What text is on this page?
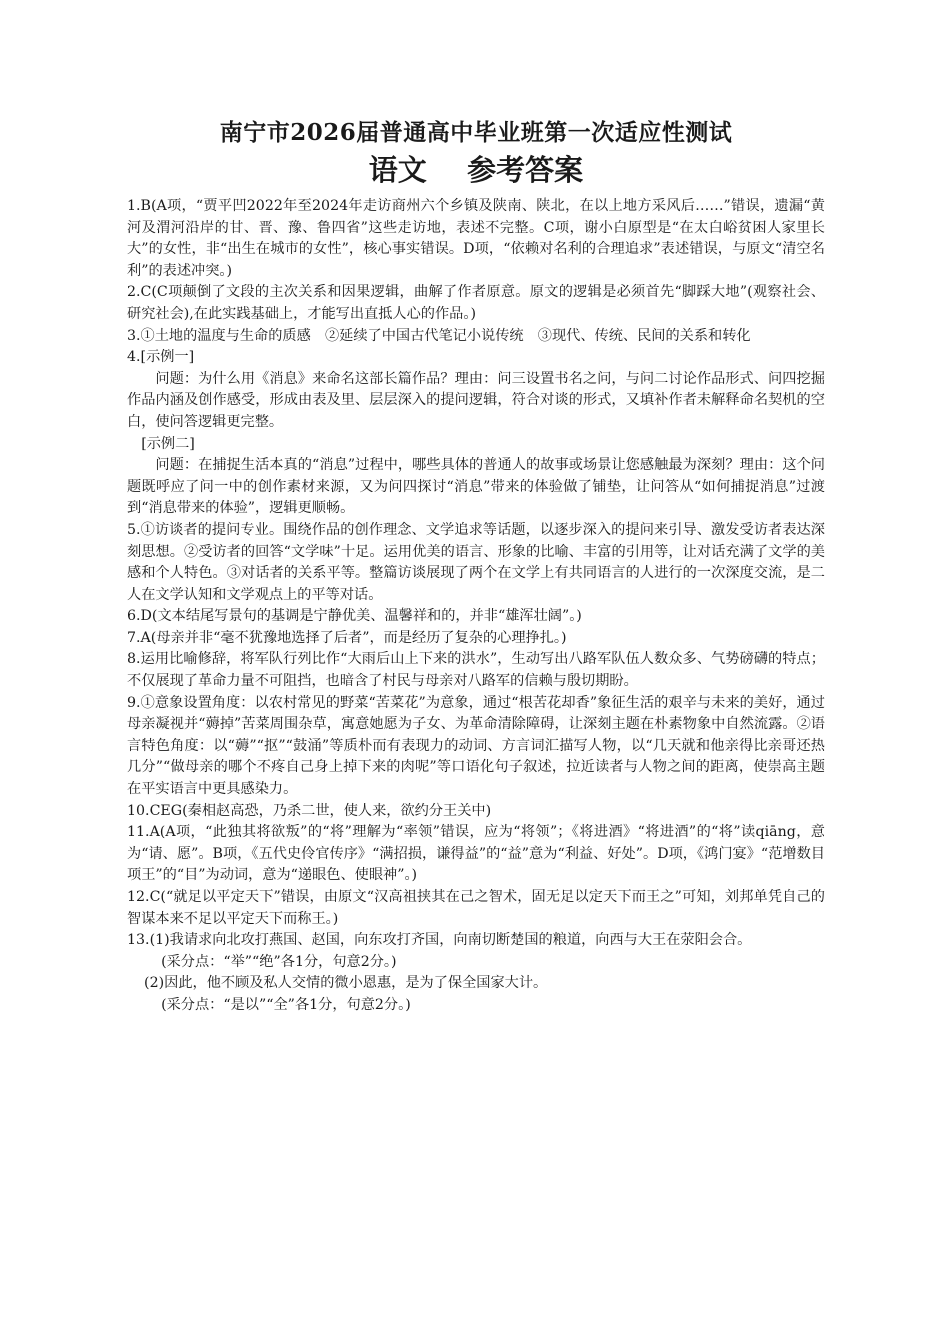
南宁市2026届普通高中毕业班第一次适应性测试
语文    参考答案

1.B(A项，“贾平凹2022年至2024年走访商州六个乡镇及陕南、陕北，在以上地方采风后……”错误，遗漏“黄河及渭河沿岸的甘、晋、豫、鲁四省”这些走访地，表述不完整。C项，谢小白原型是“在太白峪贫困人家里长大”的女性，非“出生在城市的女性”，核心事实错误。D项，“依赖对名利的合理追求”表述错误，与原文“清空名利”的表述冲突。)

2.C(C项颠倒了文段的主次关系和因果逻辑，曲解了作者原意。原文的逻辑是必须首先“脚踩大地”(观察社会、研究社会),在此实践基础上，才能写出直抵人心的作品。)

3.①土地的温度与生命的质感　②延续了中国古代笔记小说传统　③现代、传统、民间的关系和转化

4.[示例一]

问题：为什么用《消息》来命名这部长篇作品？理由：问三设置书名之问，与问二讨论作品形式、问四挖掘作品内涵及创作感受，形成由表及里、层层深入的提问逻辑，符合对谈的形式，又填补作者未解释命名契机的空白，使问答逻辑更完整。

[示例二]

问题：在捕捉生活本真的“消息”过程中，哪些具体的普通人的故事或场景让您感触最为深刻？理由：这个问题既呼应了问一中的创作素材来源，又为问四探讨“消息”带来的体验做了铺垫，让问答从“如何捕捉消息”过渡到“消息带来的体验”，逻辑更顺畅。

5.①访谈者的提问专业。围绕作品的创作理念、文学追求等话题，以逐步深入的提问来引导、激发受访者表达深刻思想。②受访者的回答“文学味”十足。运用优美的语言、形象的比喻、丰富的引用等，让对话充满了文学的美感和个人特色。③对话者的关系平等。整篇访谈展现了两个在文学上有共同语言的人进行的一次深度交流，是二人在文学认知和文学观点上的平等对话。

6.D(文本结尾写景句的基调是宁静优美、温馨祥和的，并非“雄浑壮阔”。)

7.A(母亲并非“毫不犹豫地选择了后者”，而是经历了复杂的心理挣扎。)

8.运用比喻修辞，将军队行列比作“大雨后山上下来的洪水”，生动写出八路军队伍人数众多、气势磅礴的特点；不仅展现了革命力量不可阻挡，也暗含了村民与母亲对八路军的信赖与殷切期盼。

9.①意象设置角度：以农村常见的野菜“苦菜花”为意象，通过“根苦花却香”象征生活的艰辛与未来的美好，通过母亲凝视并“薅掉”苦菜周围杂草，寓意她愿为子女、为革命清除障碍，让深刻主题在朴素物象中自然流露。②语言特色角度：以“薅”“抠”“鼓涌”等质朴而有表现力的动词、方言词汇描写人物，以“几天就和他亲得比亲哥还热几分”“做母亲的哪个不疼自己身上掉下来的肉呢”等口语化句子叙述，拉近读者与人物之间的距离，使崇高主题在平实语言中更具感染力。

10.CEG(秦相赵高恐，乃杀二世，使人来，欲约分王关中)

11.A(A项，“此独其将欲叛”的“将”理解为“率领”错误，应为“将领”；《将进酒》“将进酒”的“将”读qiāng，意为“请、愿”。B项，《五代史伶官传序》“满招损，谦得益”的“益”意为“利益、好处”。D项，《鸿门宴》“范增数目项王”的“目”为动词，意为“递眼色、使眼神”。)

12.C(“就足以平定天下”错误，由原文“汉高祖挟其在己之智术，固无足以定天下而王之”可知，刘邦单凭自己的智谋本来不足以平定天下而称王。)

13.(1)我请求向北攻打燕国、赵国，向东攻打齐国，向南切断楚国的粮道，向西与大王在荥阳会合。

(采分点：“举”“绝”各1分，句意2分。)

(2)因此，他不顾及私人交情的微小恩惠，是为了保全国家大计。

(采分点：“是以”“全”各1分，句意2分。)
